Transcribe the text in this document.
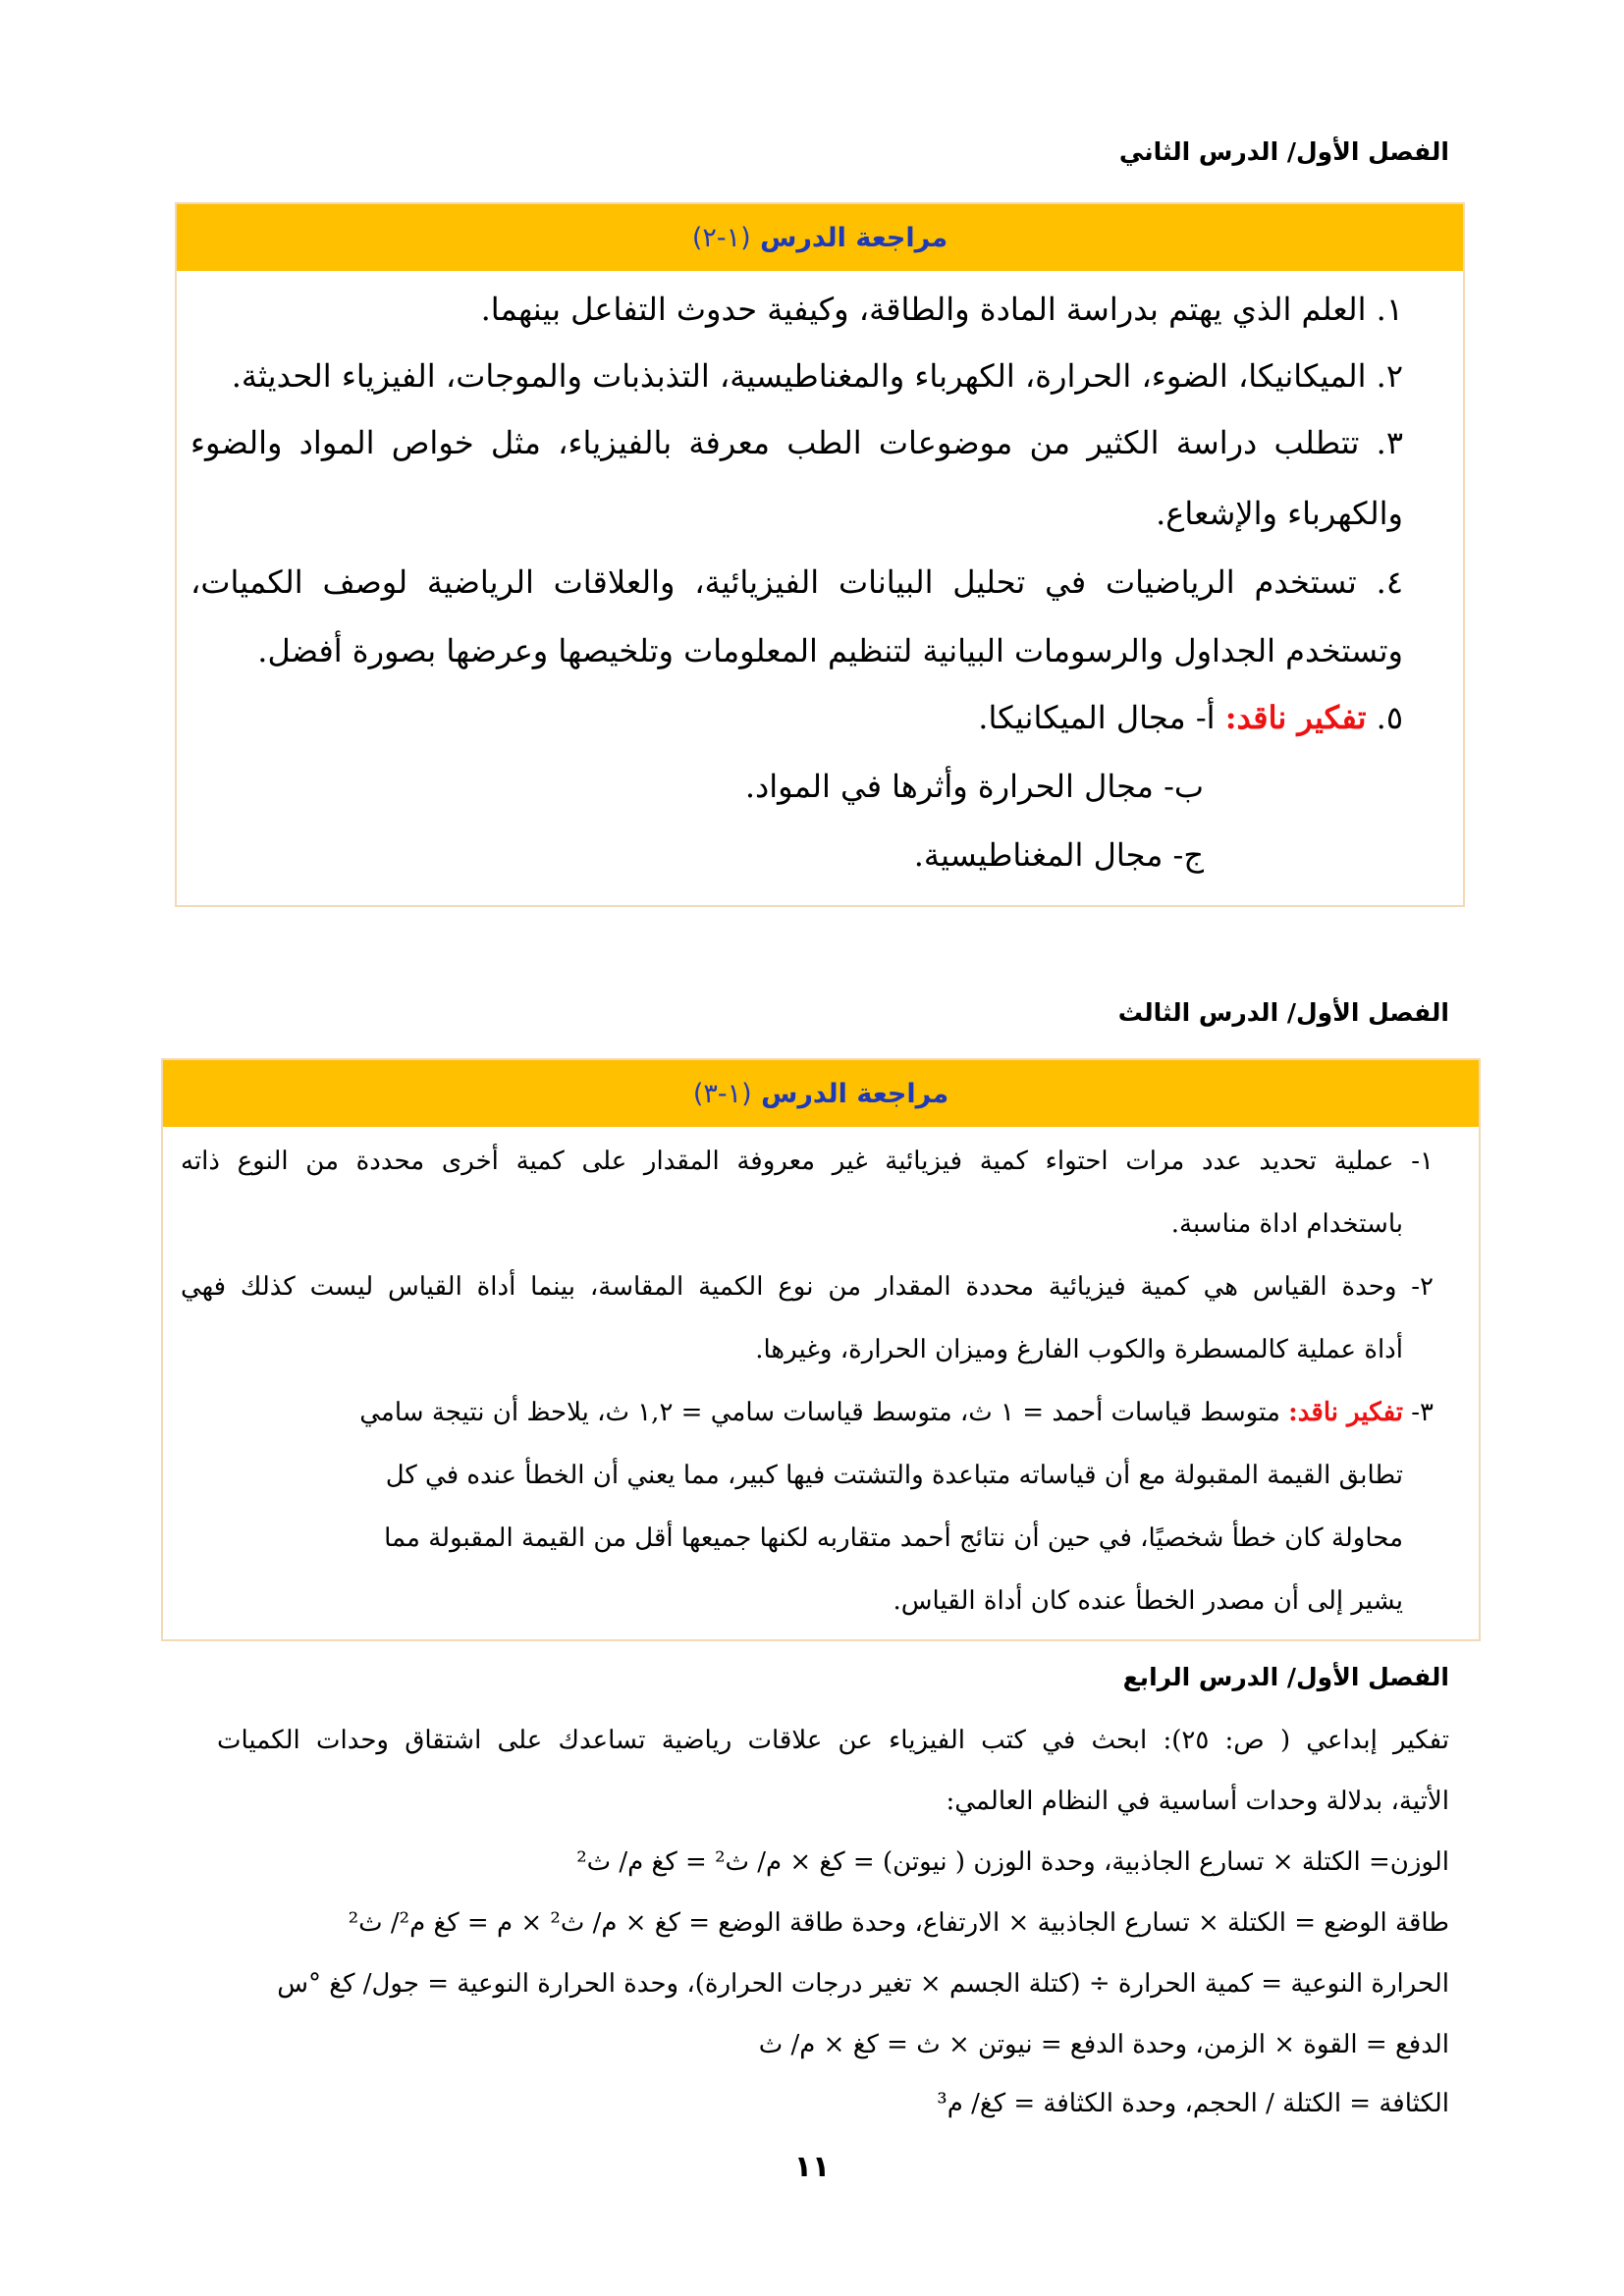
الفصل الأول/ الدرس الثاني
مراجعة الدرس

(١-٢)
١. العلم الذي يهتم بدراسة المادة والطاقة، وكيفية حدوث التفاعل بينهما.
٢. الميكانيكا، الضوء، الحرارة، الكهرباء والمغناطيسية، التذبذبات والموجات، الفيزياء الحديثة.
٣. تتطلب دراسة الكثير من موضوعات الطب معرفة بالفيزياء، مثل خواص المواد والضوء
والكهرباء والإشعاع.
٤. تستخدم الرياضيات في تحليل البيانات الفيزيائية، والعلاقات الرياضية لوصف الكميات،
وتستخدم الجداول والرسومات البيانية لتنظيم المعلومات وتلخيصها وعرضها بصورة أفضل.
٥. تفكير ناقد: أ- مجال الميكانيكا.
ب- مجال الحرارة وأثرها في المواد.
ج- مجال المغناطيسية.
الفصل الأول/ الدرس الثالث
مراجعة الدرس

(١-٣)
١- عملية تحديد عدد مرات احتواء كمية فيزيائية غير معروفة المقدار على كمية أخرى محددة من النوع ذاته
باستخدام اداة مناسبة.
٢- وحدة القياس هي كمية فيزيائية محددة المقدار من نوع الكمية المقاسة، بينما أداة القياس ليست كذلك فهي
أداة عملية كالمسطرة والكوب الفارغ وميزان الحرارة، وغيرها.
٣- تفكير ناقد: متوسط قياسات أحمد = ١ ث، متوسط قياسات سامي = ١,٢ ث، يلاحظ أن نتيجة سامي
تطابق القيمة المقبولة مع أن قياساته متباعدة والتشتت فيها كبير، مما يعني أن الخطأ عنده في كل
محاولة كان خطأ شخصيًا، في حين أن نتائج أحمد متقاربه لكنها جميعها أقل من القيمة المقبولة مما
يشير إلى أن مصدر الخطأ عنده كان أداة القياس.
الفصل الأول/ الدرس الرابع
تفكير إبداعي ( ص: ٢٥): ابحث في كتب الفيزياء عن علاقات رياضية تساعدك على اشتقاق وحدات الكميات
الأتية، بدلالة وحدات أساسية في النظام العالمي:
الوزن= الكتلة × تسارع الجاذبية، وحدة الوزن ( نيوتن) = كغ × م/ ث² = كغ م/ ث²
طاقة الوضع = الكتلة × تسارع الجاذبية × الارتفاع، وحدة طاقة الوضع = كغ × م/ ث² × م = كغ م²/ ث²
الحرارة النوعية = كمية الحرارة ÷ (كتلة الجسم × تغير درجات الحرارة)، وحدة الحرارة النوعية = جول/ كغ °س
الدفع = القوة × الزمن، وحدة الدفع = نيوتن × ث = كغ × م/ ث
الكثافة = الكتلة / الحجم، وحدة الكثافة = كغ/ م³
١١
